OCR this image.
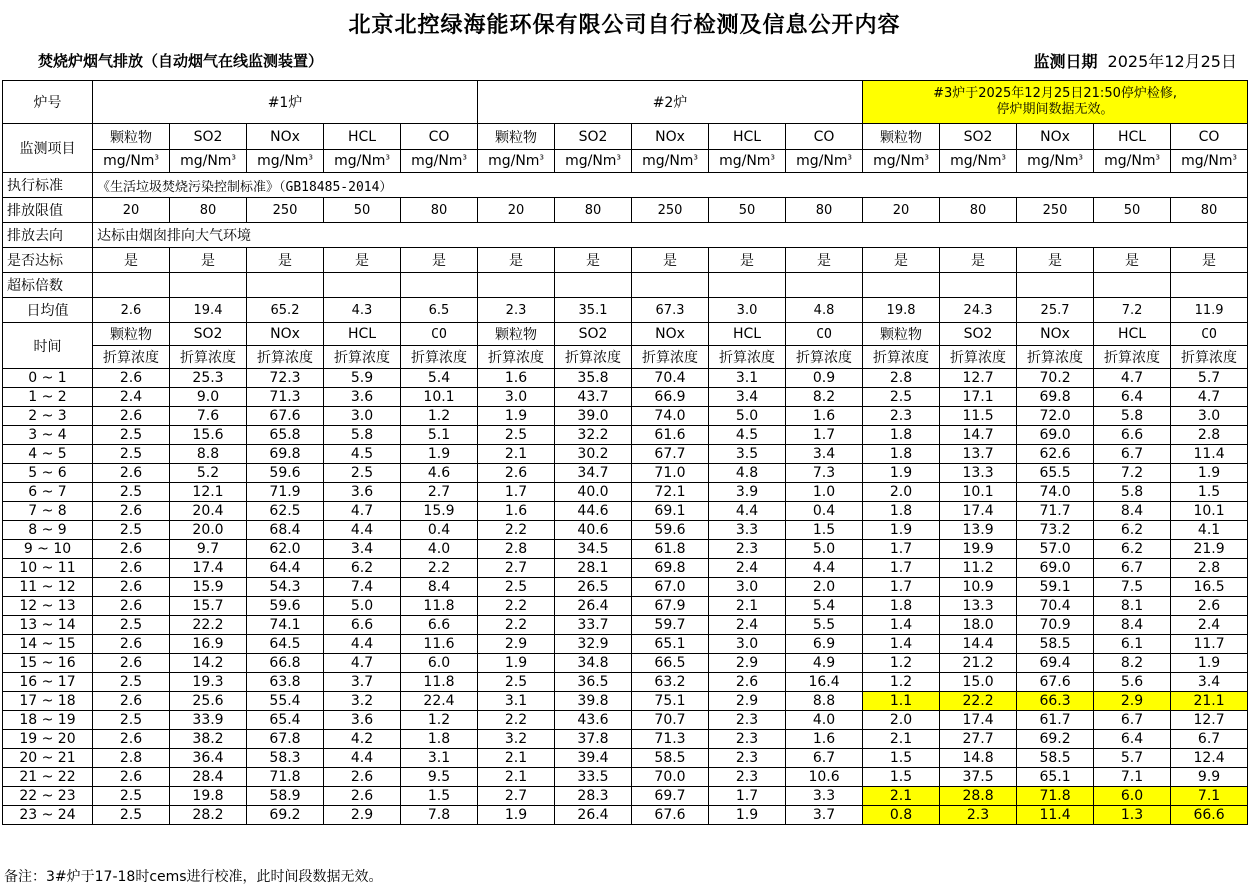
北京北控绿海能环保有限公司自行检测及信息公开内容
焚烧炉烟气排放（自动烟气在线监测装置）	监测日期 2025年12月25日
炉号	#1炉					#2炉					#3炉于2025年12月25日21:50停炉检修,
停炉期间数据无效。				

监测项目	颗粒物	SO2	NOx	HCL	CO	颗粒物	SO2	NOx	HCL	CO	颗粒物	SO2	NOx	HCL	CO
	mg/Nm$^3$	mg/Nm$^3$	mg/Nm$^3$	mg/Nm$^3$	mg/Nm$^3$	mg/Nm$^3$	mg/Nm$^3$	mg/Nm$^3$	mg/Nm$^3$	mg/Nm$^3$	mg/Nm$^3$	mg/Nm$^3$	mg/Nm$^3$	mg/Nm$^3$	mg/Nm$^3$
执行标准	《生活垃圾焚烧污染控制标准》（GB18485-2014）														
排放限值	20	80	250	50	80	20	80	250	50	80	20	80	250	50	80
排放去向	达标由烟囱排向大气环境														
是否达标	是	是	是	是	是	是	是	是	是	是	是	是	是	是	是
超标倍数															
日均值	2.6	19.4	65.2	4.3	6.5	2.3	35.1	67.3	3.0	4.8	19.8	24.3	25.7	7.2	11.9
时间	颗粒物	SO2	NOx	HCL	CO	颗粒物	SO2	NOx	HCL	CO	颗粒物	SO2	NOx	HCL	CO
	折算浓度	折算浓度	折算浓度	折算浓度	折算浓度	折算浓度	折算浓度	折算浓度	折算浓度	折算浓度	折算浓度	折算浓度	折算浓度	折算浓度	折算浓度
0 ~ 1	2.6	25.3	72.3	5.9	5.4	1.6	35.8	70.4	3.1	0.9	2.8	12.7	70.2	4.7	5.7
1 ~ 2	2.4	9.0	71.3	3.6	10.1	3.0	43.7	66.9	3.4	8.2	2.5	17.1	69.8	6.4	4.7
2 ~ 3	2.6	7.6	67.6	3.0	1.2	1.9	39.0	74.0	5.0	1.6	2.3	11.5	72.0	5.8	3.0
3 ~ 4	2.5	15.6	65.8	5.8	5.1	2.5	32.2	61.6	4.5	1.7	1.8	14.7	69.0	6.6	2.8
4 ~ 5	2.5	8.8	69.8	4.5	1.9	2.1	30.2	67.7	3.5	3.4	1.8	13.7	62.6	6.7	11.4
5 ~ 6	2.6	5.2	59.6	2.5	4.6	2.6	34.7	71.0	4.8	7.3	1.9	13.3	65.5	7.2	1.9
6 ~ 7	2.5	12.1	71.9	3.6	2.7	1.7	40.0	72.1	3.9	1.0	2.0	10.1	74.0	5.8	1.5
7 ~ 8	2.6	20.4	62.5	4.7	15.9	1.6	44.6	69.1	4.4	0.4	1.8	17.4	71.7	8.4	10.1
8 ~ 9	2.5	20.0	68.4	4.4	0.4	2.2	40.6	59.6	3.3	1.5	1.9	13.9	73.2	6.2	4.1
9 ~ 10	2.6	9.7	62.0	3.4	4.0	2.8	34.5	61.8	2.3	5.0	1.7	19.9	57.0	6.2	21.9
10 ~ 11	2.6	17.4	64.4	6.2	2.2	2.7	28.1	69.8	2.4	4.4	1.7	11.2	69.0	6.7	2.8
11 ~ 12	2.6	15.9	54.3	7.4	8.4	2.5	26.5	67.0	3.0	2.0	1.7	10.9	59.1	7.5	16.5
12 ~ 13	2.6	15.7	59.6	5.0	11.8	2.2	26.4	67.9	2.1	5.4	1.8	13.3	70.4	8.1	2.6
13 ~ 14	2.5	22.2	74.1	6.6	6.6	2.2	33.7	59.7	2.4	5.5	1.4	18.0	70.9	8.4	2.4
14 ~ 15	2.6	16.9	64.5	4.4	11.6	2.9	32.9	65.1	3.0	6.9	1.4	14.4	58.5	6.1	11.7
15 ~ 16	2.6	14.2	66.8	4.7	6.0	1.9	34.8	66.5	2.9	4.9	1.2	21.2	69.4	8.2	1.9
16 ~ 17	2.5	19.3	63.8	3.7	11.8	2.5	36.5	63.2	2.6	16.4	1.2	15.0	67.6	5.6	3.4
17 ~ 18	2.6	25.6	55.4	3.2	22.4	3.1	39.8	75.1	2.9	8.8	1.1	22.2	66.3	2.9	21.1
18 ~ 19	2.5	33.9	65.4	3.6	1.2	2.2	43.6	70.7	2.3	4.0	2.0	17.4	61.7	6.7	12.7
19 ~ 20	2.6	38.2	67.8	4.2	1.8	3.2	37.8	71.3	2.3	1.6	2.1	27.7	69.2	6.4	6.7
20 ~ 21	2.8	36.4	58.3	4.4	3.1	2.1	39.4	58.5	2.3	6.7	1.5	14.8	58.5	5.7	12.4
21 ~ 22	2.6	28.4	71.8	2.6	9.5	2.1	33.5	70.0	2.3	10.6	1.5	37.5	65.1	7.1	9.9
22 ~ 23	2.5	19.8	58.9	2.6	1.5	2.7	28.3	69.7	1.7	3.3	2.1	28.8	71.8	6.0	7.1
23 ~ 24	2.5	28.2	69.2	2.9	7.8	1.9	26.4	67.6	1.9	3.7	0.8	2.3	11.4	1.3	66.6
备注：3#炉于17-18时cems进行校准，此时间段数据无效。
